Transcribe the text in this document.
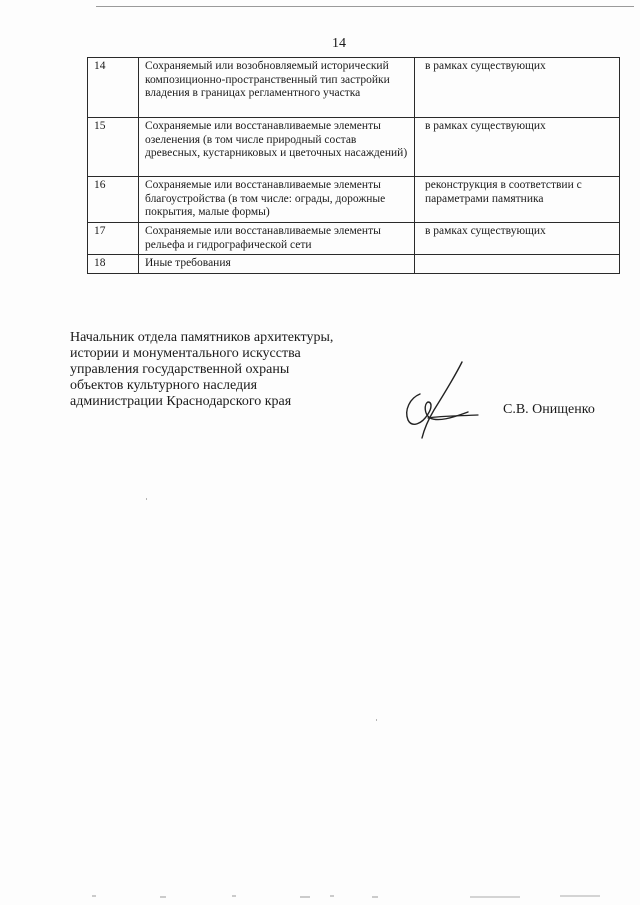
14
14	Сохраняемый или возобновляемый исторический композиционно-пространственный тип застройки владения в границах регламентного участка	в рамках существующих
15	Сохраняемые или восстанавливаемые элементы озеленения (в том числе природный состав древесных, кустарниковых и цветочных насаждений)	в рамках существующих
16	Сохраняемые или восстанавливаемые элементы благоустройства (в том числе: ограды, дорожные покрытия, малые формы)	реконструкция в соответствии с параметрами памятника
17	Сохраняемые или восстанавливаемые элементы рельефа и гидрографической сети	в рамках существующих
18	Иные требования	
Начальник отдела памятников архитектуры,
истории и монументального искусства
управления государственной охраны
объектов культурного наследия
администрации Краснодарского края
С.В. Онищенко
